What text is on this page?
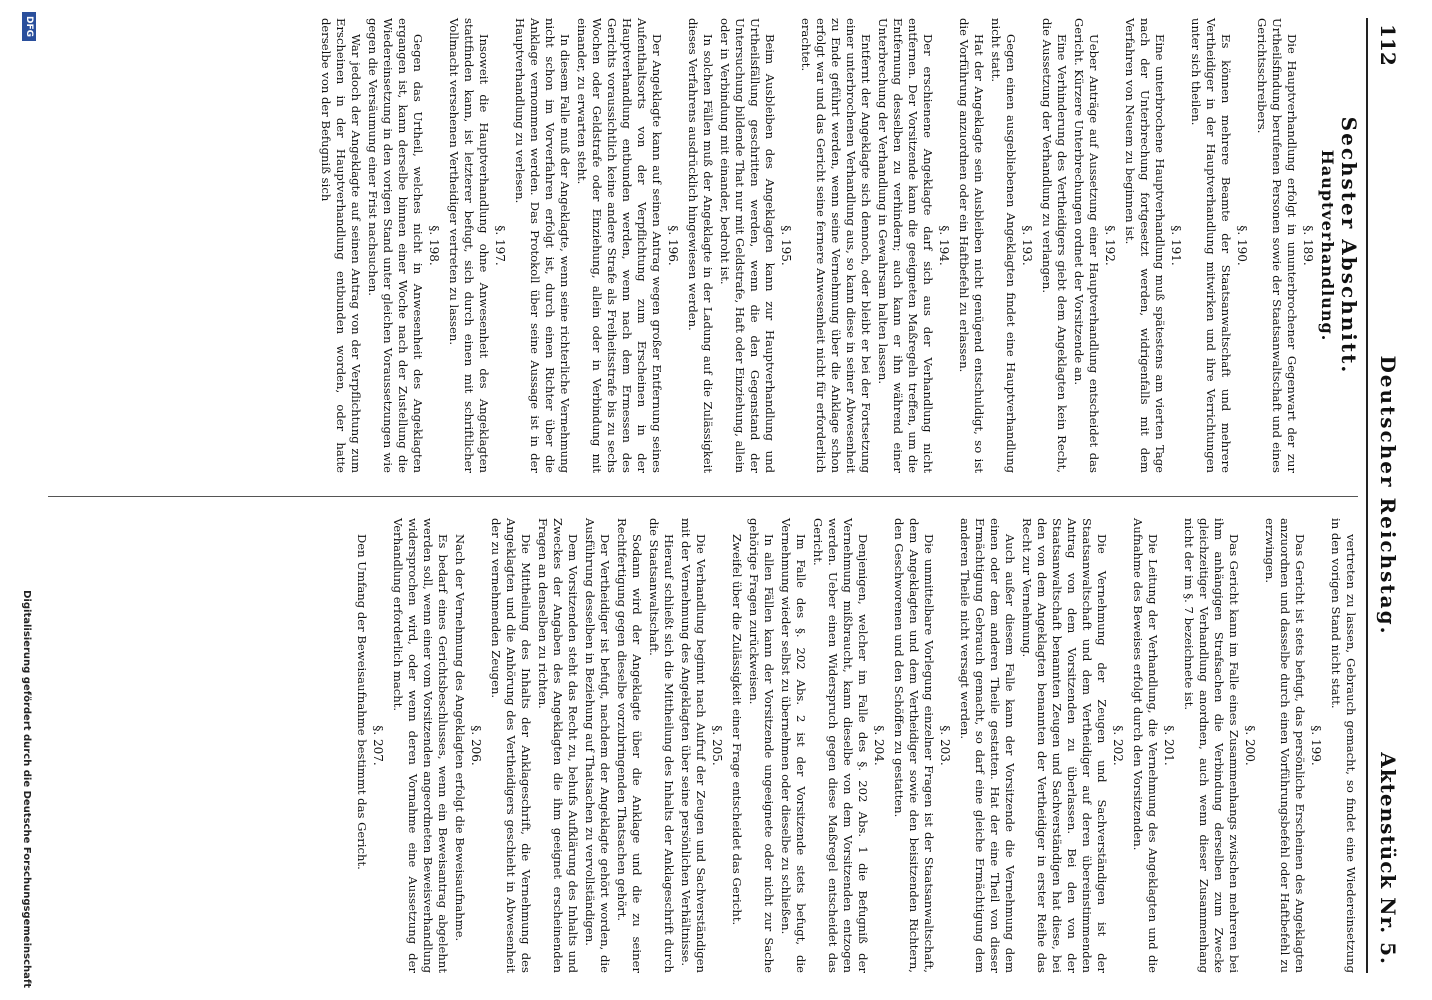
112
Deutscher Reichstag.
Aktenstück Nr. 5.
Sechster Abschnitt.
Hauptverhandlung.
§. 189.
Die Hauptverhandlung erfolgt in ununterbrochener Gegenwart der zur Urtheilsfindung berufenen Personen sowie der Staatsanwaltschaft und eines Gerichtsschreibers.
§. 190.
Es können mehrere Beamte der Staatsanwaltschaft und mehrere Vertheidiger in der Hauptverhandlung mitwirken und ihre Verrichtungen unter sich theilen.
§. 191.
Eine unterbrochene Hauptverhandlung muß spätestens am vierten Tage nach der Unterbrechung fortgesetzt werden, widrigenfalls mit dem Verfahren von Neuem zu beginnen ist.
§. 192.
Ueber Anträge auf Aussetzung einer Hauptverhandlung entscheidet das Gericht. Kürzere Unterbrechungen ordnet der Vorsitzende an.
Eine Verhinderung des Vertheidigers giebt dem Angeklagten kein Recht, die Aussetzung der Verhandlung zu verlangen.
§. 193.
Gegen einen ausgebliebenen Angeklagten findet eine Hauptverhandlung nicht statt.
Hat der Angeklagte sein Ausbleiben nicht genügend entschuldigt, so ist die Vorführung anzuordnen oder ein Haftbefehl zu erlassen.
§. 194.
Der erschienene Angeklagte darf sich aus der Verhandlung nicht entfernen. Der Vorsitzende kann die geeigneten Maßregeln treffen, um die Entfernung desselben zu verhindern; auch kann er ihn während einer Unterbrechung der Verhandlung in Gewahrsam halten lassen.
Entfernt der Angeklagte sich dennoch, oder bleibt er bei der Fortsetzung einer unterbrochenen Verhandlung aus, so kann diese in seiner Abwesenheit zu Ende geführt werden, wenn seine Vernehmung über die Anklage schon erfolgt war und das Gericht seine fernere Anwesenheit nicht für erforderlich erachtet.
§. 195.
Beim Ausbleiben des Angeklagten kann zur Hauptverhandlung und Urtheilsfällung geschritten werden, wenn die den Gegenstand der Untersuchung bildende That nur mit Geldstrafe, Haft oder Einziehung, allein oder in Verbindung mit einander, bedroht ist.
In solchen Fällen muß der Angeklagte in der Ladung auf die Zulässigkeit dieses Verfahrens ausdrücklich hingewiesen werden.
§. 196.
Der Angeklagte kann auf seinen Antrag wegen großer Entfernung seines Aufenthaltsorts von der Verpflichtung zum Erscheinen in der Hauptverhandlung entbunden werden, wenn nach dem Ermessen des Gerichts voraussichtlich keine andere Strafe als Freiheitsstrafe bis zu sechs Wochen oder Geldstrafe oder Einziehung, allein oder in Verbindung mit einander, zu erwarten steht.
In diesem Falle muß der Angeklagte, wenn seine richterliche Vernehmung nicht schon im Vorverfahren erfolgt ist, durch einen Richter über die Anklage vernommen werden. Das Protokoll über seine Aussage ist in der Hauptverhandlung zu verlesen.
§. 197.
Insoweit die Hauptverhandlung ohne Anwesenheit des Angeklagten stattfinden kann, ist letzterer befugt, sich durch einen mit schriftlicher Vollmacht versehenen Vertheidiger vertreten zu lassen.
§. 198.
Gegen das Urtheil, welches nicht in Anwesenheit des Angeklagten ergangen ist, kann derselbe binnen einer Woche nach der Zustellung die Wiedereinsetzung in den vorigen Stand unter gleichen Voraussetzungen wie gegen die Versäumung einer Frist nachsuchen.
War jedoch der Angeklagte auf seinen Antrag von der Verpflichtung zum Erscheinen in der Hauptverhandlung entbunden worden, oder hatte derselbe von der Befugniß sich
vertreten zu lassen, Gebrauch gemacht, so findet eine Wiedereinsetzung in den vorigen Stand nicht statt.
§. 199.
Das Gericht ist stets befugt, das persönliche Erscheinen des Angeklagten anzuordnen und dasselbe durch einen Vorführungsbefehl oder Haftbefehl zu erzwingen.
§. 200.
Das Gericht kann im Falle eines Zusammenhangs zwischen mehreren bei ihm anhängigen Strafsachen die Verbindung derselben zum Zwecke gleichzeitiger Verhandlung anordnen, auch wenn dieser Zusammenhang nicht der im §. 7 bezeichnete ist.
§. 201.
Die Leitung der Verhandlung, die Vernehmung des Angeklagten und die Aufnahme des Beweises erfolgt durch den Vorsitzenden.
§. 202.
Die Vernehmung der Zeugen und Sachverständigen ist der Staatsanwaltschaft und dem Vertheidiger auf deren übereinstimmenden Antrag von dem Vorsitzenden zu überlassen. Bei den von der Staatsanwaltschaft benannten Zeugen und Sachverständigen hat diese, bei den von dem Angeklagten benannten der Vertheidiger in erster Reihe das Recht zur Vernehmung.
Auch außer diesem Falle kann der Vorsitzende die Vernehmung dem einen oder dem anderen Theile gestatten. Hat der eine Theil von dieser Ermächtigung Gebrauch gemacht, so darf eine gleiche Ermächtigung dem anderen Theile nicht versagt werden.
§. 203.
Die unmittelbare Vorlegung einzelner Fragen ist der Staatsanwaltschaft, dem Angeklagten und dem Vertheidiger sowie den beisitzenden Richtern, den Geschworenen und den Schöffen zu gestatten.
§. 204.
Denjenigen, welcher im Falle des §. 202 Abs. 1 die Befugniß der Vernehmung mißbraucht, kann dieselbe von dem Vorsitzenden entzogen werden. Ueber einen Widerspruch gegen diese Maßregel entscheidet das Gericht.
Im Falle des §. 202 Abs. 2 ist der Vorsitzende stets befugt, die Vernehmung wieder selbst zu übernehmen oder dieselbe zu schließen.
In allen Fällen kann der Vorsitzende ungeeignete oder nicht zur Sache gehörige Fragen zurückweisen.
Zweifel über die Zulässigkeit einer Frage entscheidet das Gericht.
§. 205.
Die Verhandlung beginnt nach Aufruf der Zeugen und Sachverständigen mit der Vernehmung des Angeklagten über seine persönlichen Verhältnisse.
Hierauf schließt sich die Mittheilung des Inhalts der Anklageschrift durch die Staatsanwaltschaft.
Sodann wird der Angeklagte über die Anklage und die zu seiner Rechtfertigung gegen dieselbe vorzubringenden Thatsachen gehört.
Der Vertheidiger ist befugt, nachdem der Angeklagte gehört worden, die Ausführung desselben in Beziehung auf Thatsachen zu vervollständigen.
Dem Vorsitzenden steht das Recht zu, behufs Aufklärung des Inhalts und Zweckes der Angaben des Angeklagten die ihm geeignet erscheinenden Fragen an denselben zu richten.
Die Mittheilung des Inhalts der Anklageschrift, die Vernehmung des Angeklagten und die Anhörung des Vertheidigers geschieht in Abwesenheit der zu vernehmenden Zeugen.
§. 206.
Nach der Vernehmung des Angeklagten erfolgt die Beweisaufnahme.
Es bedarf eines Gerichtsbeschlusses, wenn ein Beweisantrag abgelehnt werden soll, wenn einer vom Vorsitzenden angeordneten Beweisverhandlung widersprochen wird, oder wenn deren Vornahme eine Aussetzung der Verhandlung erforderlich macht.
§. 207.
Den Umfang der Beweisaufnahme bestimmt das Gericht.
DFG
Digitalisierung gefördert durch die Deutsche Forschungsgemeinschaft
